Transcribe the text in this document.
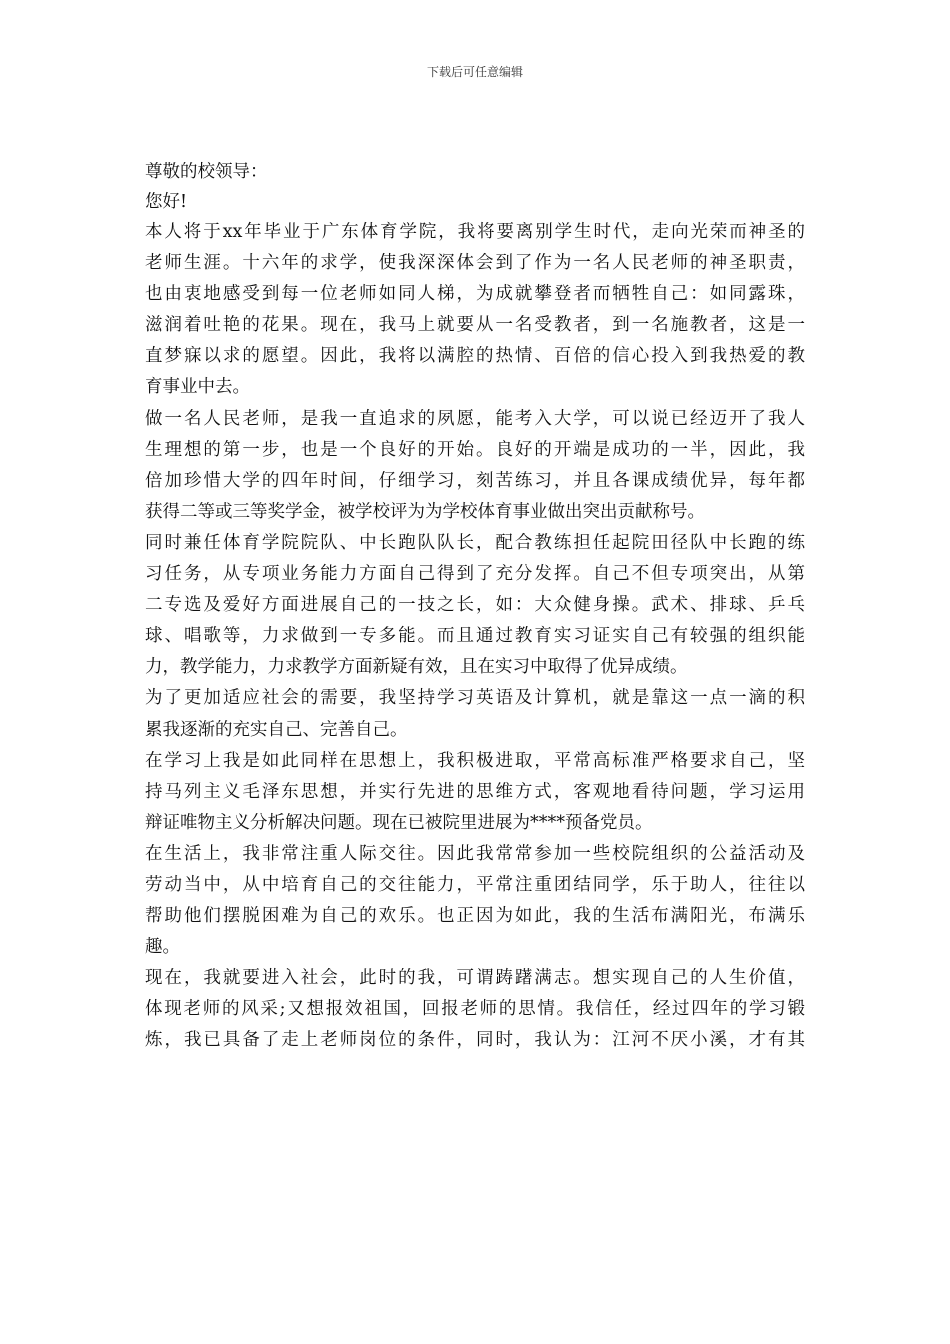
下载后可任意编辑

尊敬的校领导：

您好!

本人将于xx年毕业于广东体育学院，我将要离别学生时代，走向光荣而神圣的
老师生涯。十六年的求学，使我深深体会到了作为一名人民老师的神圣职责，
也由衷地感受到每一位老师如同人梯，为成就攀登者而牺牲自己：如同露珠，
滋润着吐艳的花果。现在，我马上就要从一名受教者，到一名施教者，这是一
直梦寐以求的愿望。因此，我将以满腔的热情、百倍的信心投入到我热爱的教
育事业中去。
做一名人民老师，是我一直追求的夙愿，能考入大学，可以说已经迈开了我人
生理想的第一步，也是一个良好的开始。良好的开端是成功的一半，因此，我
倍加珍惜大学的四年时间，仔细学习，刻苦练习，并且各课成绩优异，每年都
获得二等或三等奖学金，被学校评为为学校体育事业做出突出贡献称号。
同时兼任体育学院院队、中长跑队队长，配合教练担任起院田径队中长跑的练
习任务，从专项业务能力方面自己得到了充分发挥。自己不但专项突出，从第
二专选及爱好方面进展自己的一技之长，如：大众健身操。武术、排球、乒乓
球、唱歌等，力求做到一专多能。而且通过教育实习证实自己有较强的组织能
力，教学能力，力求教学方面新疑有效，且在实习中取得了优异成绩。
为了更加适应社会的需要，我坚持学习英语及计算机，就是靠这一点一滴的积
累我逐渐的充实自己、完善自己。
在学习上我是如此同样在思想上，我积极进取，平常高标准严格要求自己，坚
持马列主义毛泽东思想，并实行先进的思维方式，客观地看待问题，学习运用
辩证唯物主义分析解决问题。现在已被院里进展为****预备党员。
在生活上，我非常注重人际交往。因此我常常参加一些校院组织的公益活动及
劳动当中，从中培育自己的交往能力，平常注重团结同学，乐于助人，往往以
帮助他们摆脱困难为自己的欢乐。也正因为如此，我的生活布满阳光，布满乐
趣。
现在，我就要进入社会，此时的我，可谓踌躇满志。想实现自己的人生价值，
体现老师的风采;又想报效祖国，回报老师的思情。我信任，经过四年的学习锻
炼，我已具备了走上老师岗位的条件，同时，我认为：江河不厌小溪，才有其
